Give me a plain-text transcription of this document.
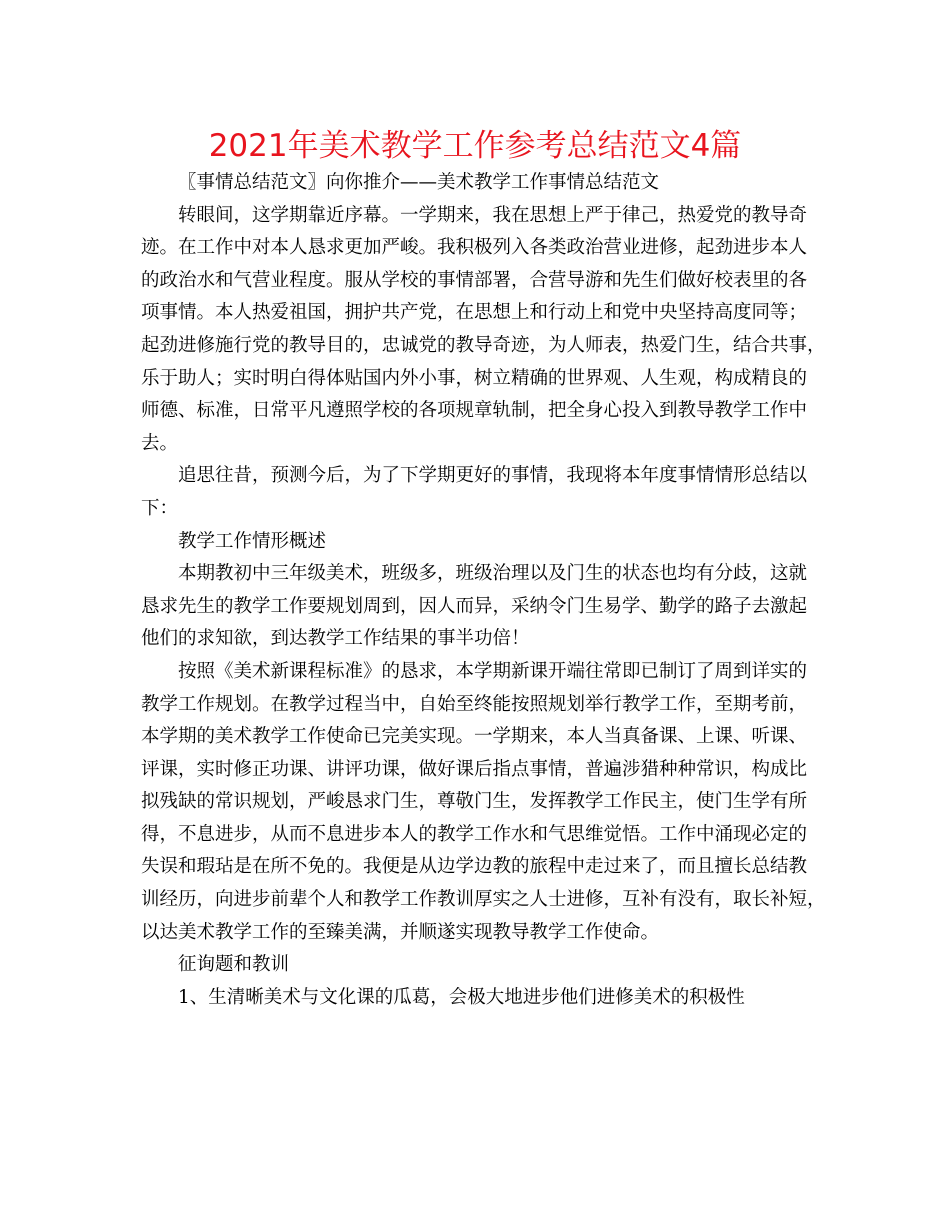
2021年美术教学工作参考总结范文4篇
〖事情总结范文〗向你推介——美术教学工作事情总结范文
转眼间，这学期靠近序幕。一学期来，我在思想上严于律己，热爱党的教导奇
迹。在工作中对本人恳求更加严峻。我积极列入各类政治营业进修，起劲进步本人
的政治水和气营业程度。服从学校的事情部署，合营导游和先生们做好校表里的各
项事情。本人热爱祖国，拥护共产党，在思想上和行动上和党中央坚持高度同等；
起劲进修施行党的教导目的，忠诚党的教导奇迹，为人师表，热爱门生，结合共事，
乐于助人；实时明白得体贴国内外小事，树立精确的世界观、人生观，构成精良的
师德、标准，日常平凡遵照学校的各项规章轨制，把全身心投入到教导教学工作中
去。
追思往昔，预测今后，为了下学期更好的事情，我现将本年度事情情形总结以
下：
教学工作情形概述
本期教初中三年级美术，班级多，班级治理以及门生的状态也均有分歧，这就
恳求先生的教学工作要规划周到，因人而异，采纳令门生易学、勤学的路子去激起
他们的求知欲，到达教学工作结果的事半功倍！
按照《美术新课程标准》的恳求，本学期新课开端往常即已制订了周到详实的
教学工作规划。在教学过程当中，自始至终能按照规划举行教学工作，至期考前，
本学期的美术教学工作使命已完美实现。一学期来，本人当真备课、上课、听课、
评课，实时修正功课、讲评功课，做好课后指点事情，普遍涉猎种种常识，构成比
拟残缺的常识规划，严峻恳求门生，尊敬门生，发挥教学工作民主，使门生学有所
得，不息进步，从而不息进步本人的教学工作水和气思维觉悟。工作中涌现必定的
失误和瑕玷是在所不免的。我便是从边学边教的旅程中走过来了，而且擅长总结教
训经历，向进步前辈个人和教学工作教训厚实之人士进修，互补有没有，取长补短，
以达美术教学工作的至臻美满，并顺遂实现教导教学工作使命。
征询题和教训
1、生清晰美术与文化课的瓜葛，会极大地进步他们进修美术的积极性
